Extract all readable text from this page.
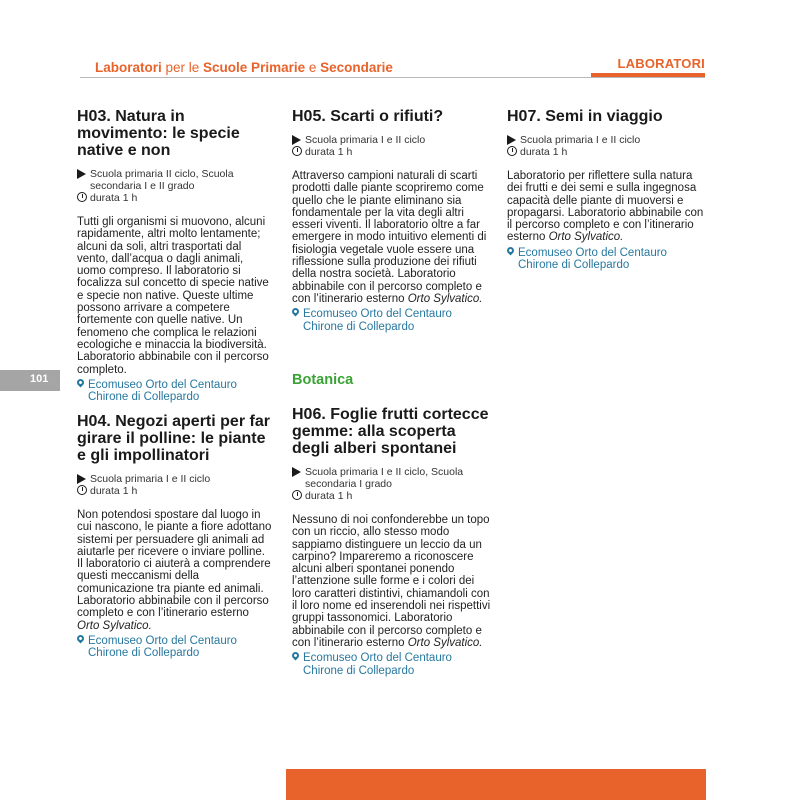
Laboratori per le Scuole Primarie e Secondarie	LABORATORI
101
H03. Natura in movimento: le specie native e non
Scuola primaria II ciclo, Scuola secondaria I e II grado
durata 1 h
Tutti gli organismi si muovono, alcuni rapidamente, altri molto lentamente; alcuni da soli, altri trasportati dal vento, dall’acqua o dagli animali, uomo compreso. Il laboratorio si focalizza sul concetto di specie native e specie non native. Queste ultime possono arrivare a competere fortemente con quelle native. Un fenomeno che complica le relazioni ecologiche e minaccia la biodiversità. Laboratorio abbinabile con il percorso completo.
Ecomuseo Orto del Centauro Chirone di Collepardo
H04. Negozi aperti per far girare il polline: le piante e gli impollinatori
Scuola primaria I e II ciclo
durata 1 h
Non potendosi spostare dal luogo in cui nascono, le piante a fiore adottano sistemi per persuadere gli animali ad aiutarle per ricevere o inviare polline. Il laboratorio ci aiuterà a comprendere questi meccanismi della comunicazione tra piante ed animali. Laboratorio abbinabile con il percorso completo e con l’itinerario esterno Orto Sylvatico.
Ecomuseo Orto del Centauro Chirone di Collepardo
H05. Scarti o rifiuti?
Scuola primaria I e II ciclo
durata 1 h
Attraverso campioni naturali di scarti prodotti dalle piante scopriremo come quello che le piante eliminano sia fondamentale per la vita degli altri esseri viventi. Il laboratorio oltre a far emergere in modo intuitivo elementi di fisiologia vegetale vuole essere una riflessione sulla produzione dei rifiuti della nostra società. Laboratorio abbinabile con il percorso completo e con l’itinerario esterno Orto Sylvatico.
Ecomuseo Orto del Centauro Chirone di Collepardo
Botanica
H06. Foglie frutti cortecce gemme: alla scoperta degli alberi spontanei
Scuola primaria I e II ciclo, Scuola secondaria I grado
durata 1 h
Nessuno di noi confonderebbe un topo con un riccio, allo stesso modo sappiamo distinguere un leccio da un carpino? Impareremo a riconoscere alcuni alberi spontanei ponendo l’attenzione sulle forme e i colori dei loro caratteri distintivi, chiamandoli con il loro nome ed inserendoli nei rispettivi gruppi tassonomici. Laboratorio abbinabile con il percorso completo e con l’itinerario esterno Orto Sylvatico.
Ecomuseo Orto del Centauro Chirone di Collepardo
H07. Semi in viaggio
Scuola primaria I e II ciclo
durata 1 h
Laboratorio per riflettere sulla natura dei frutti e dei semi e sulla ingegnosa capacità delle piante di muoversi e propagarsi. Laboratorio abbinabile con il percorso completo e con l’itinerario esterno Orto Sylvatico.
Ecomuseo Orto del Centauro Chirone di Collepardo
